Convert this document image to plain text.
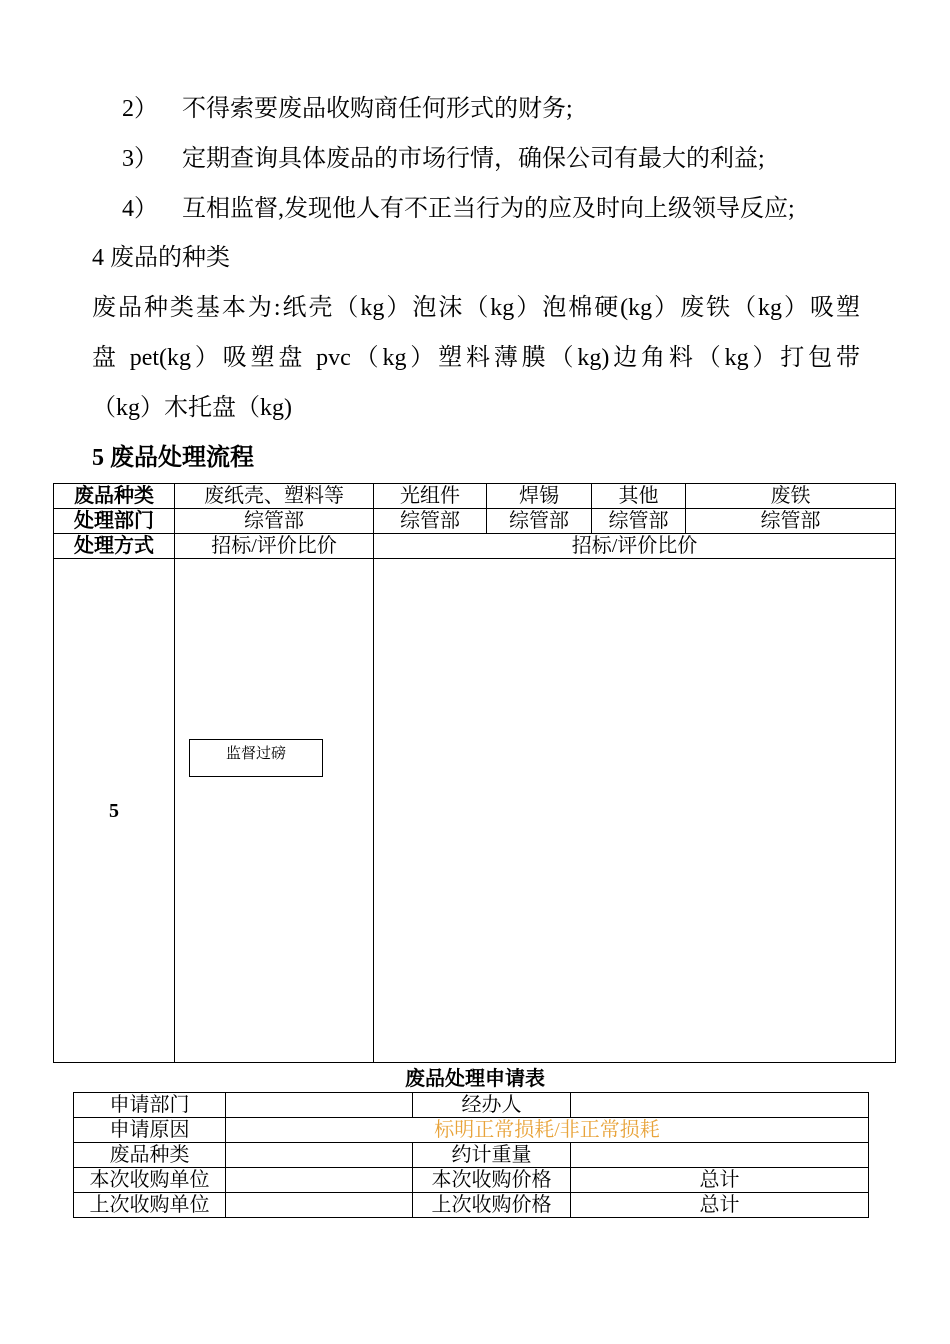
2） 不得索要废品收购商任何形式的财务;
3） 定期查询具体废品的市场行情，确保公司有最大的利益;
4） 互相监督,发现他人有不正当行为的应及时向上级领导反应;
4 废品的种类
废品种类基本为:纸壳（kg）泡沫（kg）泡棉硬(kg）废铁（kg）吸塑
盘 pet(kg）吸塑盘 pvc（kg）塑料薄膜（kg)边角料（kg）打包带
（kg）木托盘（kg)
5 废品处理流程
废品种类	废纸壳、塑料等	光组件	焊锡	其他	废铁	
处理部门	综管部	综管部	综管部	综管部	综管部	
处理方式	招标/评价比价	招标/评价比价	
5						
监督过磅
废品处理申请表
申请部门		经办人	
申请原因	标明正常损耗/非正常损耗		
废品种类		约计重量	
本次收购单位		本次收购价格	总计
上次收购单位		上次收购价格	总计
